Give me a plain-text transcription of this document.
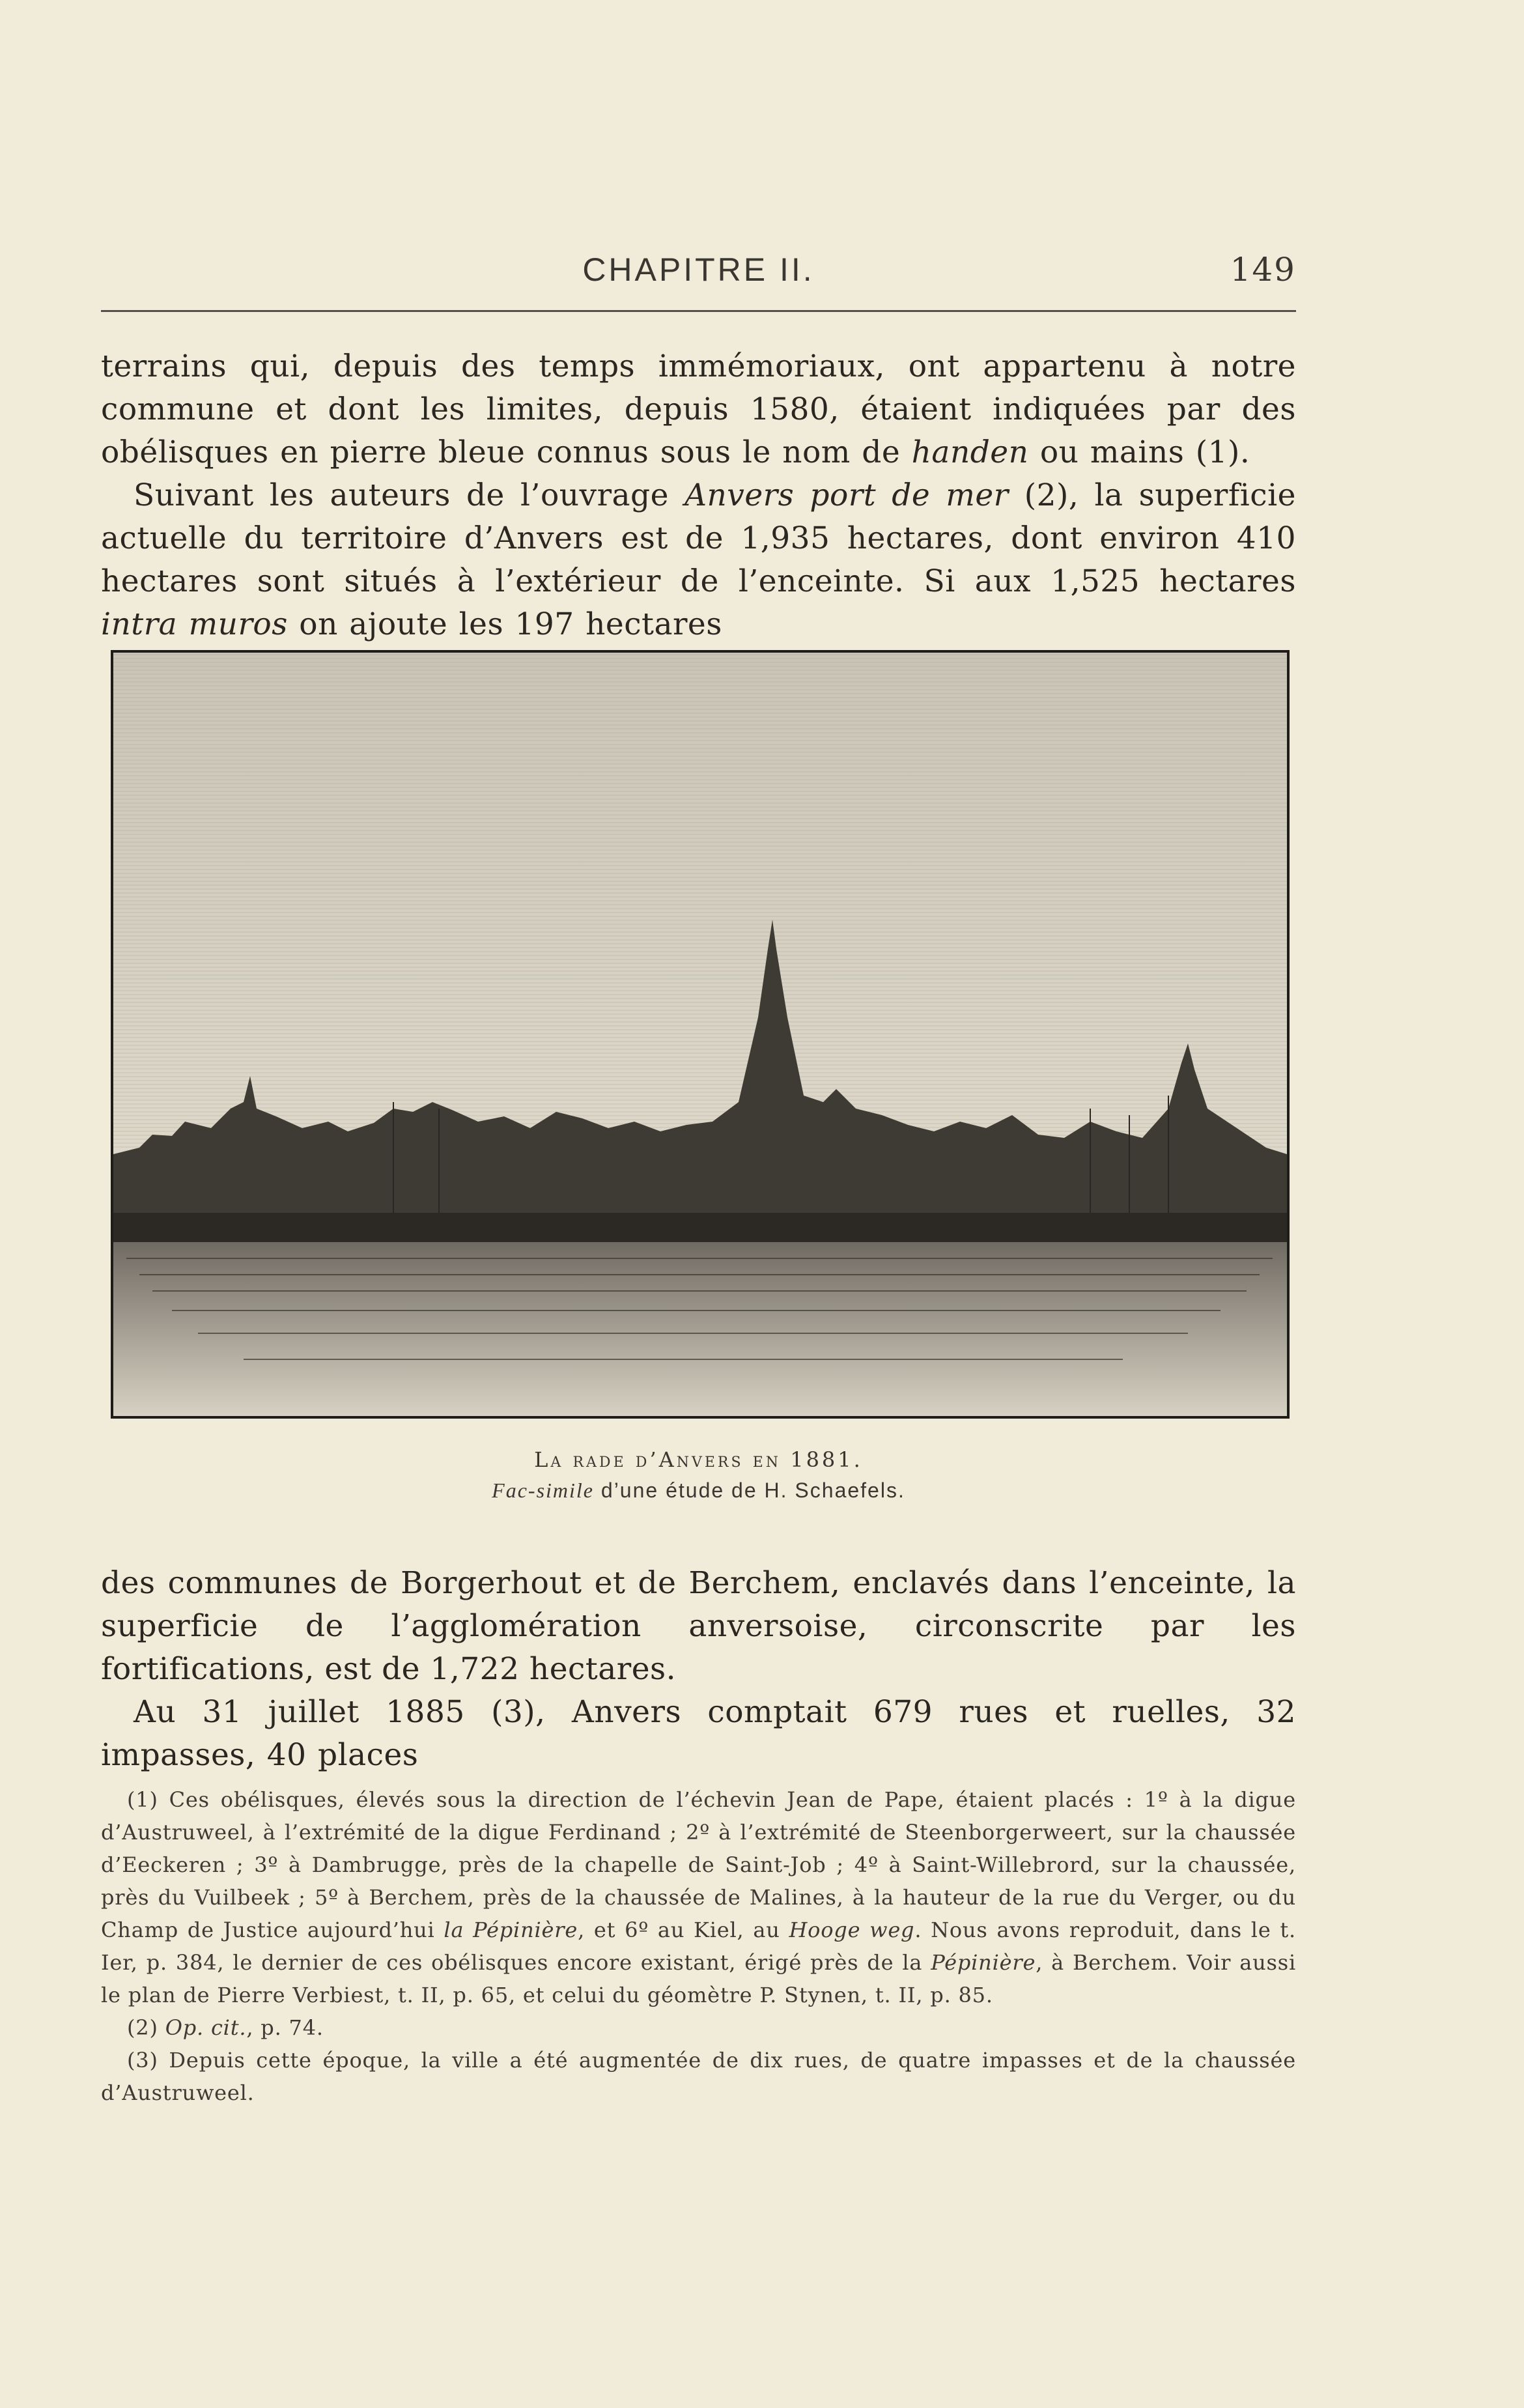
CHAPITRE II.	149

terrains qui, depuis des temps immémoriaux, ont appartenu à notre commune et dont les limites, depuis 1580, étaient indiquées par des obélisques en pierre bleue connus sous le nom de handen ou mains (1).

Suivant les auteurs de l’ouvrage Anvers port de mer (2), la superficie actuelle du territoire d’Anvers est de 1,935 hectares, dont environ 410 hectares sont situés à l’extérieur de l’enceinte. Si aux 1,525 hectares intra muros on ajoute les 197 hectares

La rade d’Anvers en 1881.

Fac-simile d’une étude de H. Schaefels.

des communes de Borgerhout et de Berchem, enclavés dans l’enceinte, la superficie de l’agglomération anversoise, circonscrite par les fortifications, est de 1,722 hectares.

Au 31 juillet 1885 (3), Anvers comptait 679 rues et ruelles, 32 impasses, 40 places

(1) Ces obélisques, élevés sous la direction de l’échevin Jean de Pape, étaient placés : 1º à la digue d’Austruweel, à l’extrémité de la digue Ferdinand ; 2º à l’extrémité de Steenborgerweert, sur la chaussée d’Eeckeren ; 3º à Dambrugge, près de la chapelle de Saint-Job ; 4º à Saint-Willebrord, sur la chaussée, près du Vuilbeek ; 5º à Berchem, près de la chaussée de Malines, à la hauteur de la rue du Verger, ou du Champ de Justice aujourd’hui la Pépinière, et 6º au Kiel, au Hooge weg. Nous avons reproduit, dans le t. Ier, p. 384, le dernier de ces obélisques encore existant, érigé près de la Pépinière, à Berchem. Voir aussi le plan de Pierre Verbiest, t. II, p. 65, et celui du géomètre P. Stynen, t. II, p. 85.

(2) Op. cit., p. 74.

(3) Depuis cette époque, la ville a été augmentée de dix rues, de quatre impasses et de la chaussée d’Austruweel.
